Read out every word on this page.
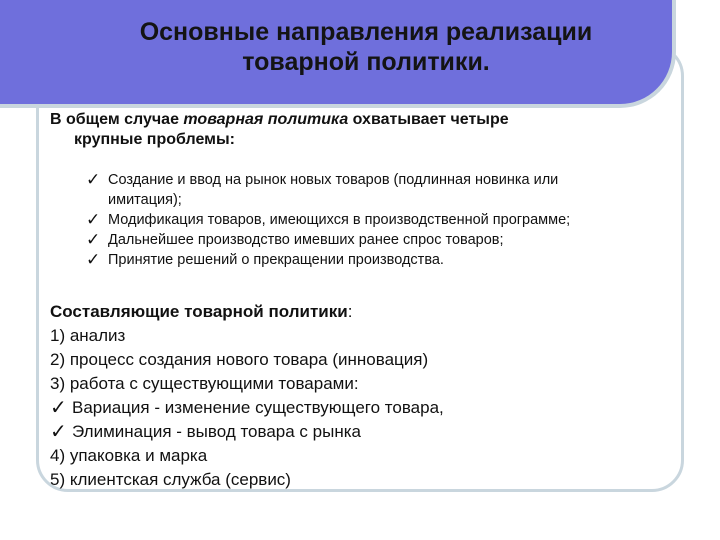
Основные направления реализации
товарной политики.
В общем случае товарная политика охватывает четыре
крупные проблемы:
✓ Создание и ввод на рынок новых товаров (подлинная новинка или
имитация);
✓ Модификация товаров, имеющихся в производственной программе;
✓ Дальнейшее производство имевших ранее спрос товаров;
✓ Принятие решений о прекращении производства.
Составляющие товарной политики:
1) анализ
2) процесс создания нового товара (инновация)
3) работа с существующими товарами:
✓ Вариация - изменение существующего товара,
✓ Элиминация - вывод товара с рынка
4) упаковка и марка
5) клиентская служба (сервис)
